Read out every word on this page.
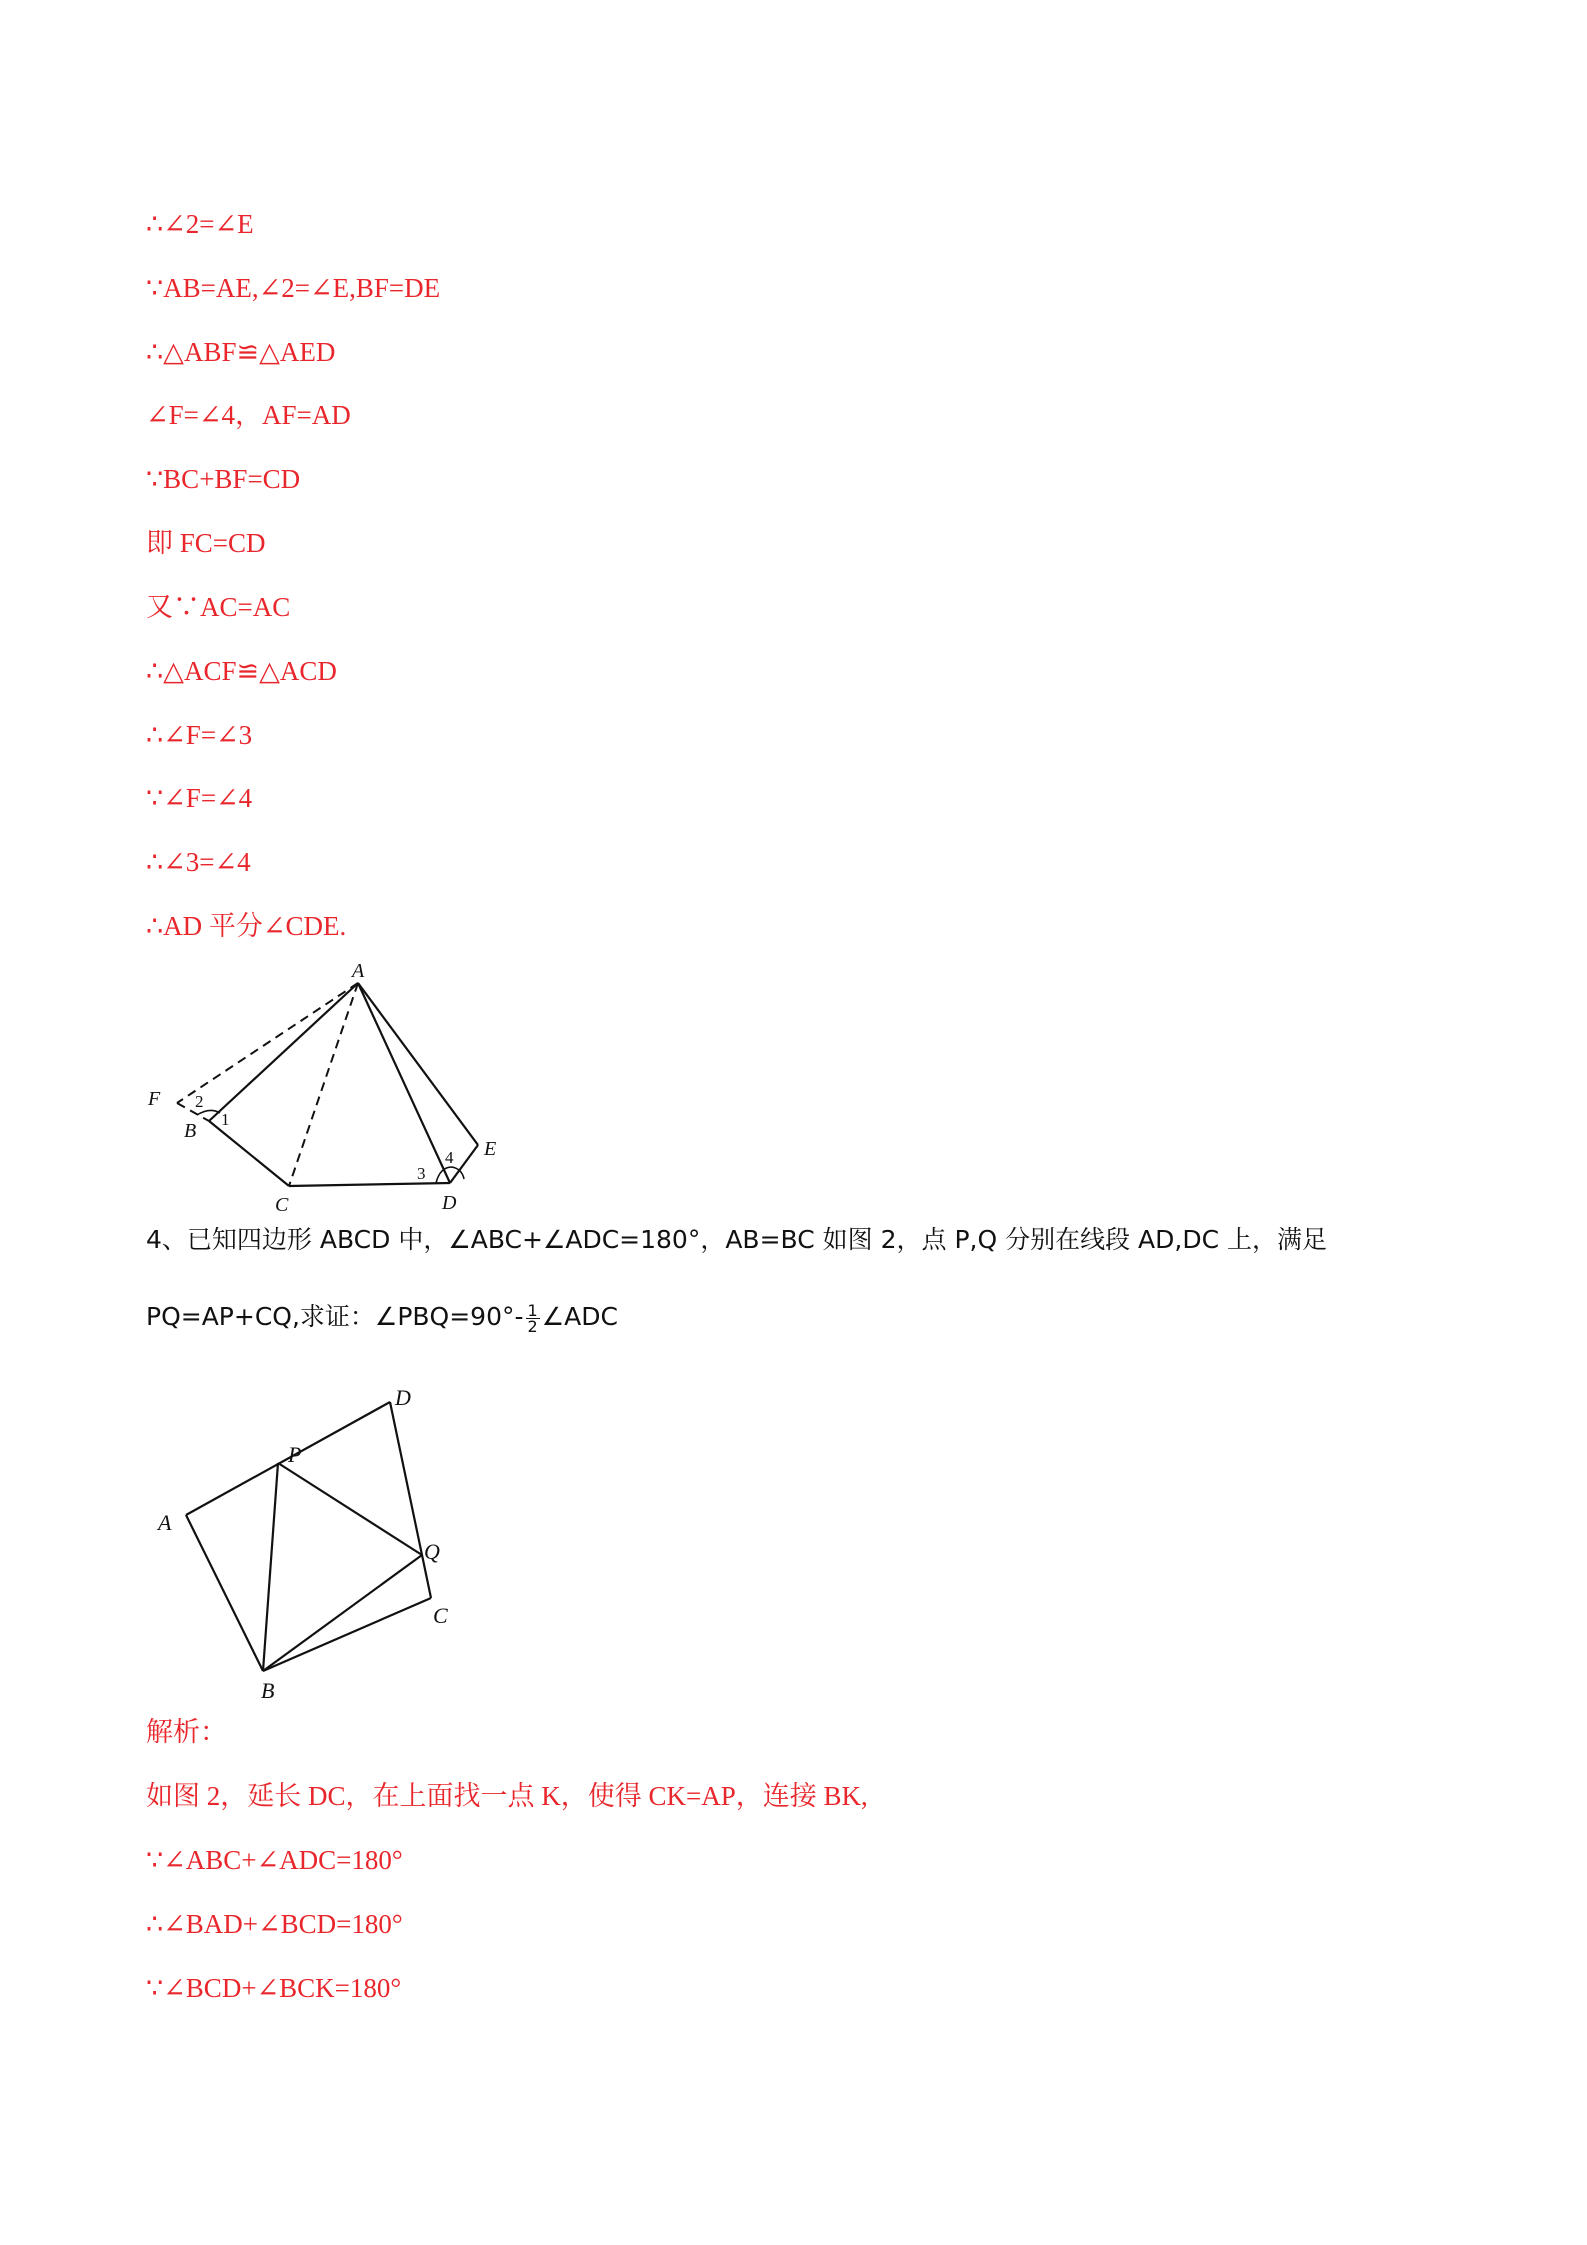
∴∠2=∠E
∵AB=AE,∠2=∠E,BF=DE
∴△ABF≌△AED
∠F=∠4，AF=AD
∵BC+BF=CD
即 FC=CD
又∵AC=AC
∴△ACF≌△ACD
∴∠F=∠3
∵∠F=∠4
∴∠3=∠4
∴AD 平分∠CDE.
A
B
C	D
E
F
1
2
3
4
4、已知四边形 ABCD 中，∠ABC+∠ADC=180°，AB=BC 如图 2，点 P,Q 分别在线段 AD,DC 上，满足
PQ=AP+CQ,求证：∠PBQ=90°- $\frac{1}{2}$ ∠ADC
A
B
C
D
P
Q
解析：
如图 2，延长 DC，在上面找一点 K，使得 CK=AP，连接 BK,
∵∠ABC+∠ADC=180°
∴∠BAD+∠BCD=180°
∵∠BCD+∠BCK=180°
